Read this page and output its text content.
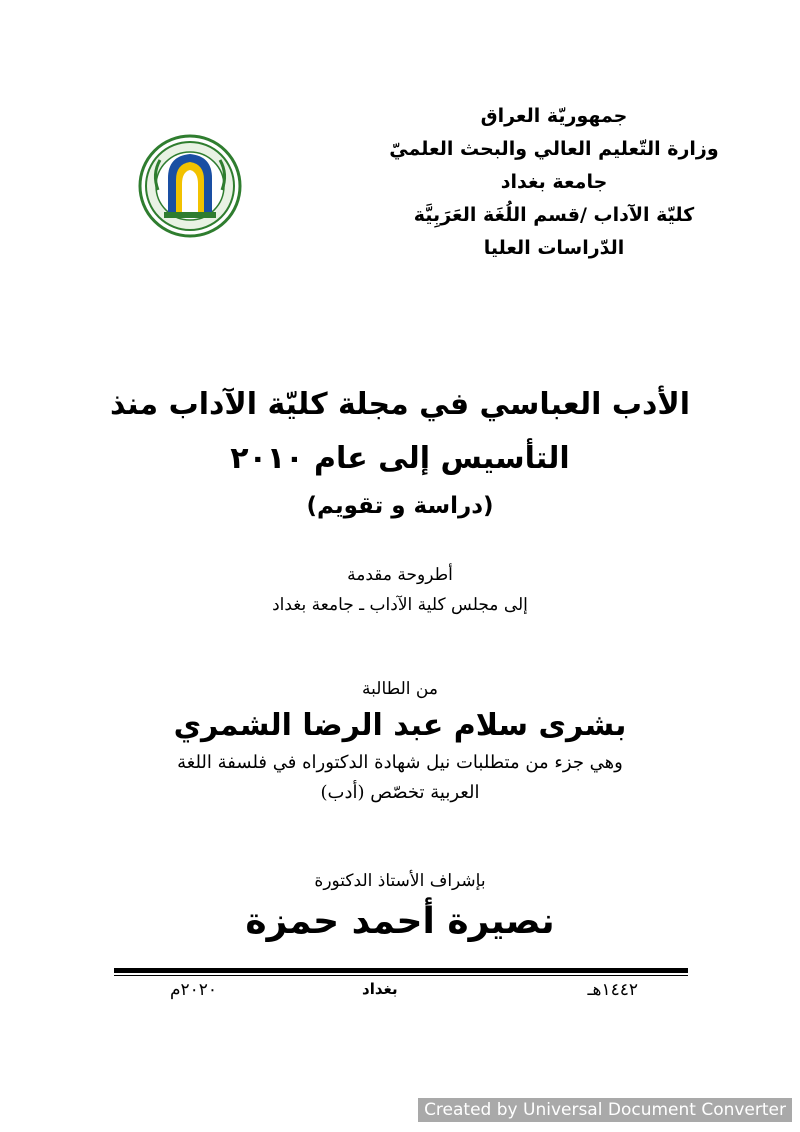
جمهوريّة العراق
وزارة التّعليم العالي والبحث العلميّ
جامعة بغداد
كليّة الآداب /قسم اللُغَة العَرَبِيَّة
الدّراسات العليا
الأدب العباسي في مجلة كليّة الآداب منذ
التأسيس إلى عام ٢٠١٠
(دراسة و تقويم)
أطروحة مقدمة
إلى مجلس كلية الآداب ـ جامعة بغداد
من الطالبة
بشرى سلام عبد الرضا الشمري
وهي جزء من متطلبات نيل شهادة الدكتوراه في فلسفة اللغة
العربية تخصّص (أدب)
بإشراف الأستاذ الدكتورة
نصيرة أحمد حمزة
١٤٤٢هـ
بغداد
٢٠٢٠م
Created by Universal Document Converter
